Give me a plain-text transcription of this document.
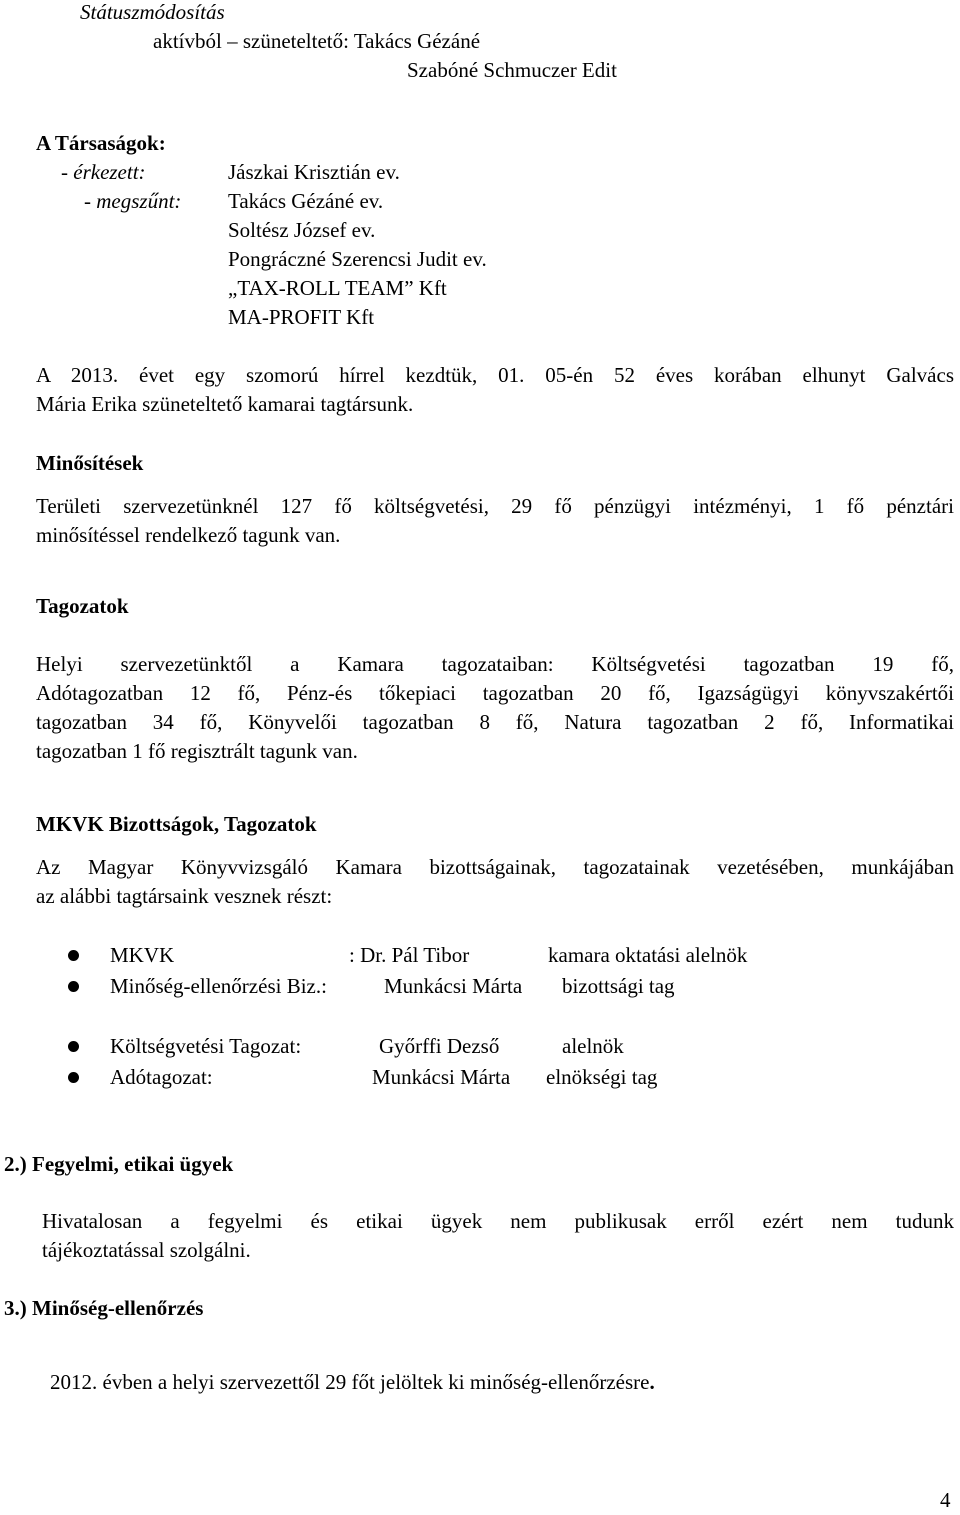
Státuszmódosítás
aktívból – szüneteltető: Takács Gézáné
Szabóné Schmuczer Edit
A Társaságok:
- érkezett:	Jászkai Krisztián ev.
- megszűnt: Takács Gézáné ev.
Soltész József ev.
Pongráczné Szerencsi Judit ev.
„TAX-ROLL TEAM” Kft
MA-PROFIT Kft
A 2013. évet egy szomorú hírrel kezdtük, 01. 05-én 52 éves korában elhunyt Galvács
Mária Erika szüneteltető kamarai tagtársunk.
Minősítések
Területi szervezetünknél 127 fő költségvetési, 29 fő pénzügyi intézményi, 1 fő pénztári
minősítéssel rendelkező tagunk van.
Tagozatok
Helyi szervezetünktől a Kamara tagozataiban: Költségvetési tagozatban 19 fő,
Adótagozatban 12 fő, Pénz-és tőkepiaci tagozatban 20 fő, Igazságügyi könyvszakértői
tagozatban 34 fő, Könyvelői tagozatban 8 fő, Natura tagozatban 2 fő, Informatikai
tagozatban 1 fő regisztrált tagunk van.
MKVK Bizottságok, Tagozatok
Az Magyar Könyvvizsgáló Kamara bizottságainak, tagozatainak vezetésében, munkájában
az alábbi tagtársaink vesznek részt:
MKVK	: Dr. Pál Tibor	kamara oktatási alelnök
Minőség-ellenőrzési Biz.:	Munkácsi Márta bizottsági tag
Költségvetési Tagozat:	Győrffi Dezső	alelnök
Adótagozat:	Munkácsi Márta elnökségi tag
2.) Fegyelmi, etikai ügyek
Hivatalosan a fegyelmi és etikai ügyek nem publikusak erről ezért nem tudunk
tájékoztatással szolgálni.
3.) Minőség-ellenőrzés
2012. évben a helyi szervezettől 29 főt jelöltek ki minőség-ellenőrzésre.
4
